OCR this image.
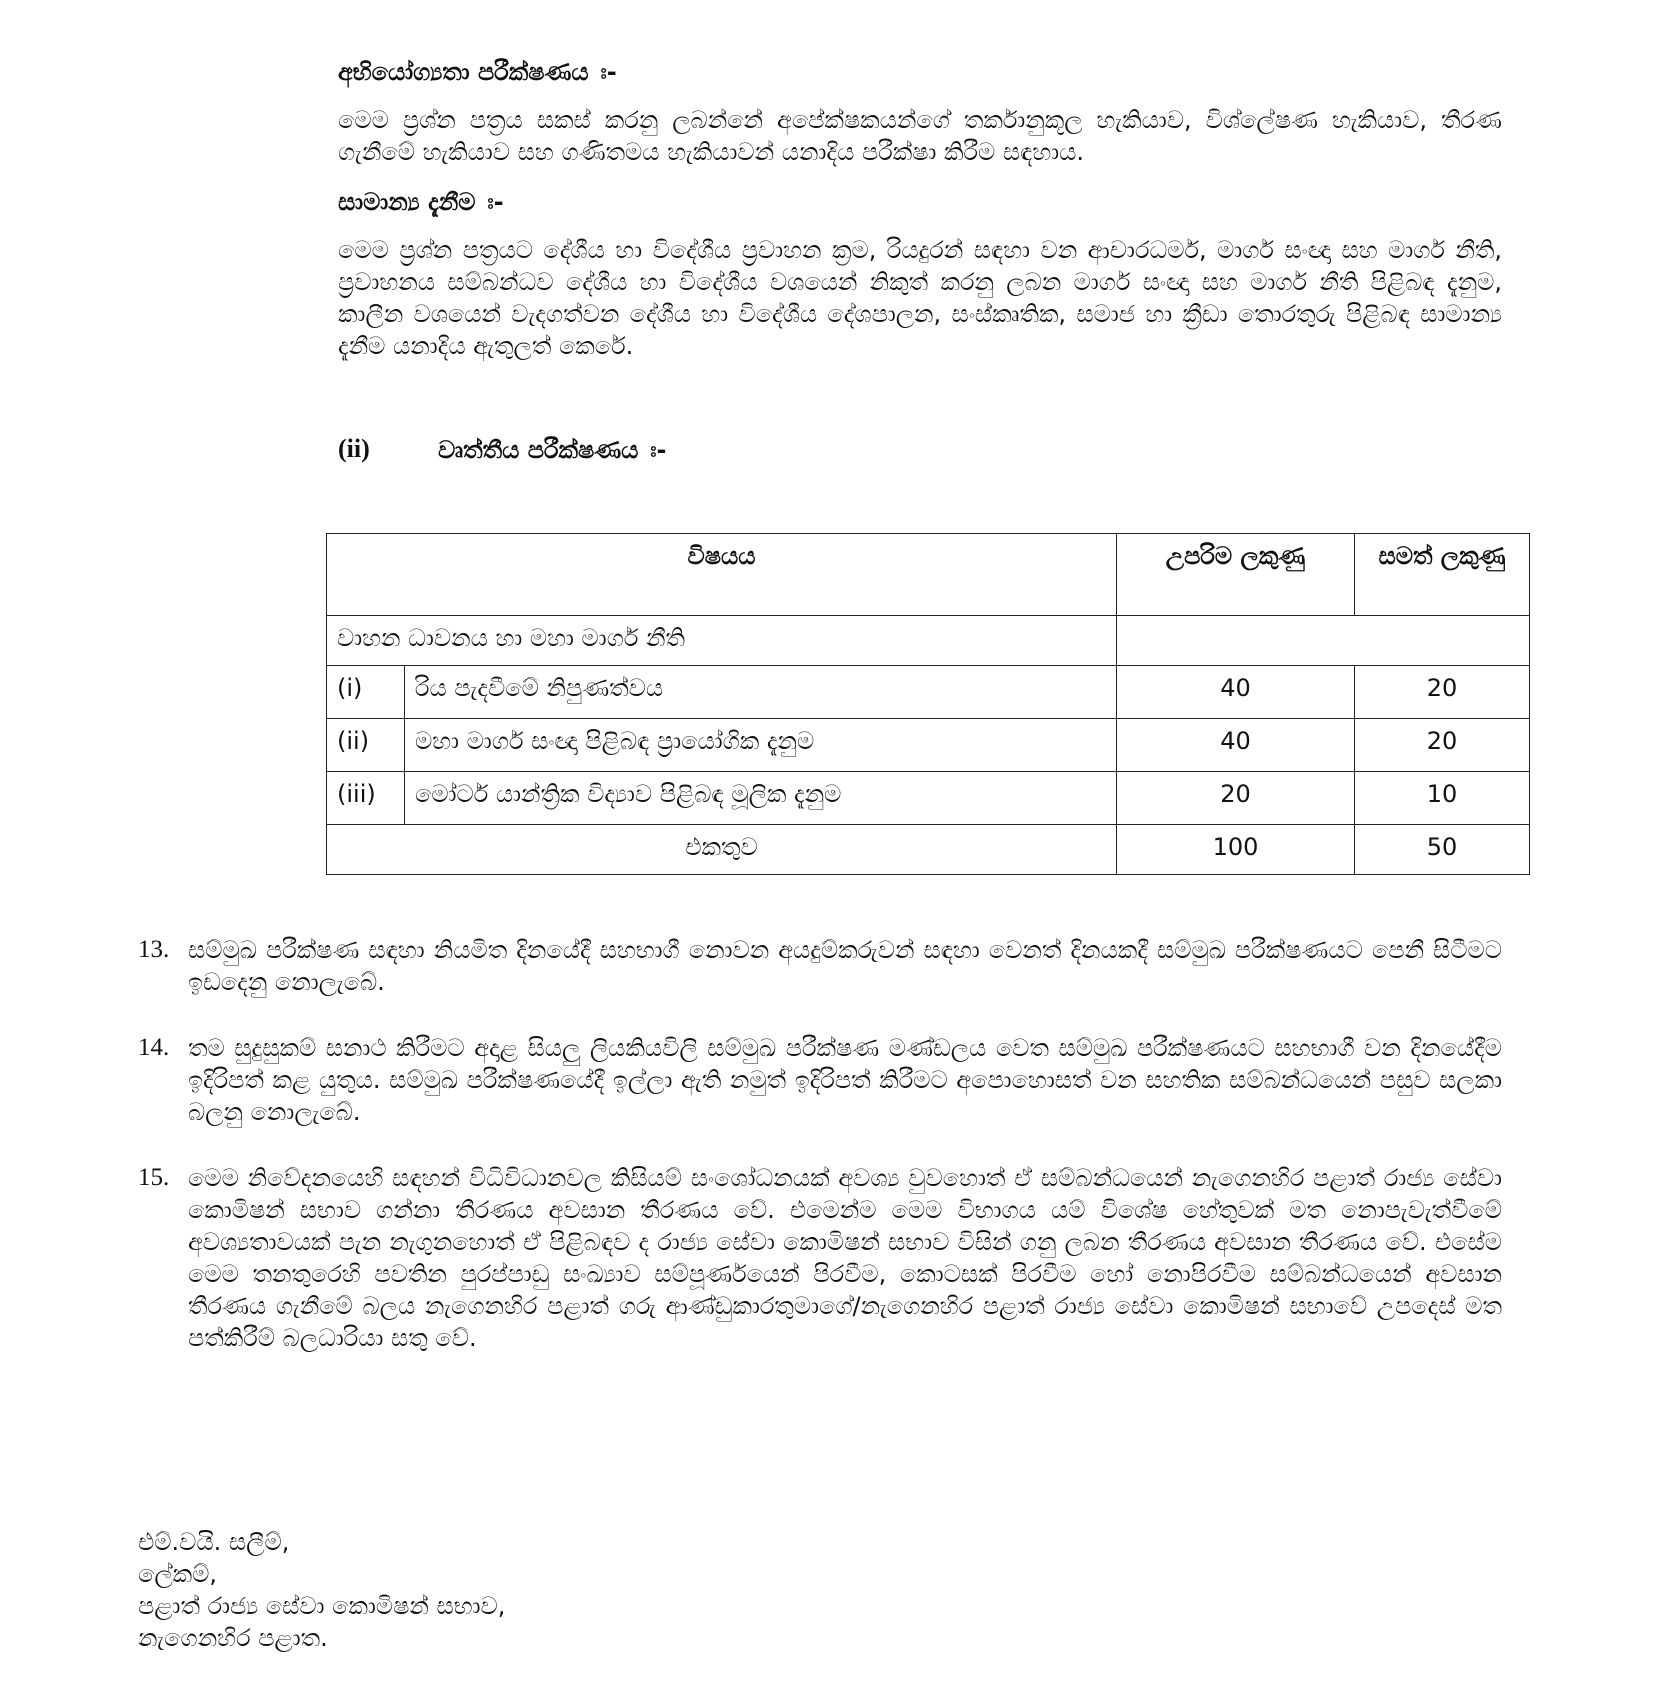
අභියෝග්‍යතා පරීක්ෂණය ඃ-
මෙම ප්‍රශ්න පත්‍රය සකස් කරනු ලබන්නේ අපේක්ෂකයන්ගේ තර්කානුකූල හැකියාව, විශ්ලේෂණ හැකියාව, තීරණ ගැනීමේ හැකියාව සහ ගණිතමය හැකියාවන් යනාදිය පරීක්ෂා කිරීම සඳහාය.
සාමාන්‍ය දැනීම ඃ-
මෙම ප්‍රශ්න පත්‍රයට දේශීය හා විදේශීය ප්‍රවාහන ක්‍රම, රියදුරන් සඳහා වන ආචාරධර්ම, මාර්ග සංඥා සහ මාර්ග නීති, ප්‍රවාහනය සම්බන්ධව දේශීය හා විදේශීය වශයෙන් නිකුත් කරනු ලබන මාර්ග සංඥා සහ මාර්ග නීති පිළිබඳ දැනුම, කාලීන වශයෙන් වැදගත්වන දේශීය හා විදේශීය දේශපාලන, සංස්කෘතික, සමාජ හා ක්‍රීඩා තොරතුරු පිළිබඳ සාමාන්‍ය දැනීම යනාදිය ඇතුලත් කෙරේ.
(ii)	වෘත්තීය පරීක්ෂණය ඃ-
විෂයය		උපරිම ලකුණු	සමත් ලකුණු
වාහන ධාවනය හා මහා මාර්ග නීති			
(i)	රිය පැදවීමේ නිපුණත්වය	40	20
(ii)	මහා මාර්ග සංඥා පිළිබඳ ප්‍රායෝගික දැනුම	40	20
(iii)	මෝටර් යාන්ත්‍රික විද්‍යාව පිළිබඳ මූලික දැනුම	20	10
එකතුව		100	50
13. සම්මුඛ පරීක්ෂණ සඳහා නියමිත දිනයේදී සහභාගී නොවන අයදුම්කරුවන් සඳහා වෙනත් දිනයකදී සම්මුඛ පරීක්ෂණයට පෙනී සිටීමට ඉඩදෙනු නොලැබේ.
14. තම සුදුසුකම් සනාථ කිරීමට අදාළ සියලු ලියකියවිලි සම්මුඛ පරීක්ෂණ මණ්ඩලය වෙත සම්මුඛ පරීක්ෂණයට සහභාගී වන දිනයේදීම ඉදිරිපත් කළ යුතුය. සම්මුඛ පරීක්ෂණයේදී ඉල්ලා ඇති නමුත් ඉදිරිපත් කිරීමට අපොහොසත් වන සහතික සම්බන්ධයෙන් පසුව සලකා බලනු නොලැබේ.
15. මෙම නිවේදනයෙහි සඳහන් විධිවිධානවල කිසියම් සංශෝධනයක් අවශ්‍ය වුවහොත් ඒ සම්බන්ධයෙන් නැගෙනහිර පළාත් රාජ්‍ය සේවා කොමිෂන් සභාව ගන්නා තීරණය අවසාන තීරණය වේ. එමෙන්ම මෙම විභාගය යම් විශේෂ හේතුවක් මත නොපැවැත්වීමේ අවශ්‍යතාවයක් පැන නැගුනහොත් ඒ පිළිබඳව ද රාජ්‍ය සේවා කොමිෂන් සභාව විසින් ගනු ලබන තීරණය අවසාන තීරණය වේ. එසේම මෙම තනතුරෙහි පවතින පුරප්පාඩු සංඛ්‍යාව සම්පූර්ණයෙන් පිරවීම, කොටසක් පිරවීම හෝ නොපිරවීම සම්බන්ධයෙන් අවසාන තීරණය ගැනීමේ බලය නැගෙනහිර පළාත් ගරු ආණ්ඩුකාරතුමාගේ/නැගෙනහිර පළාත් රාජ්‍ය සේවා කොමිෂන් සභාවේ උපදෙස් මත පත්කිරීම් බලධාරියා සතු වේ.
එම්.වයි. සලීම්,
ලේකම්,
පළාත් රාජ්‍ය සේවා කොමිෂන් සභාව,
නැගෙනහිර පළාත.
